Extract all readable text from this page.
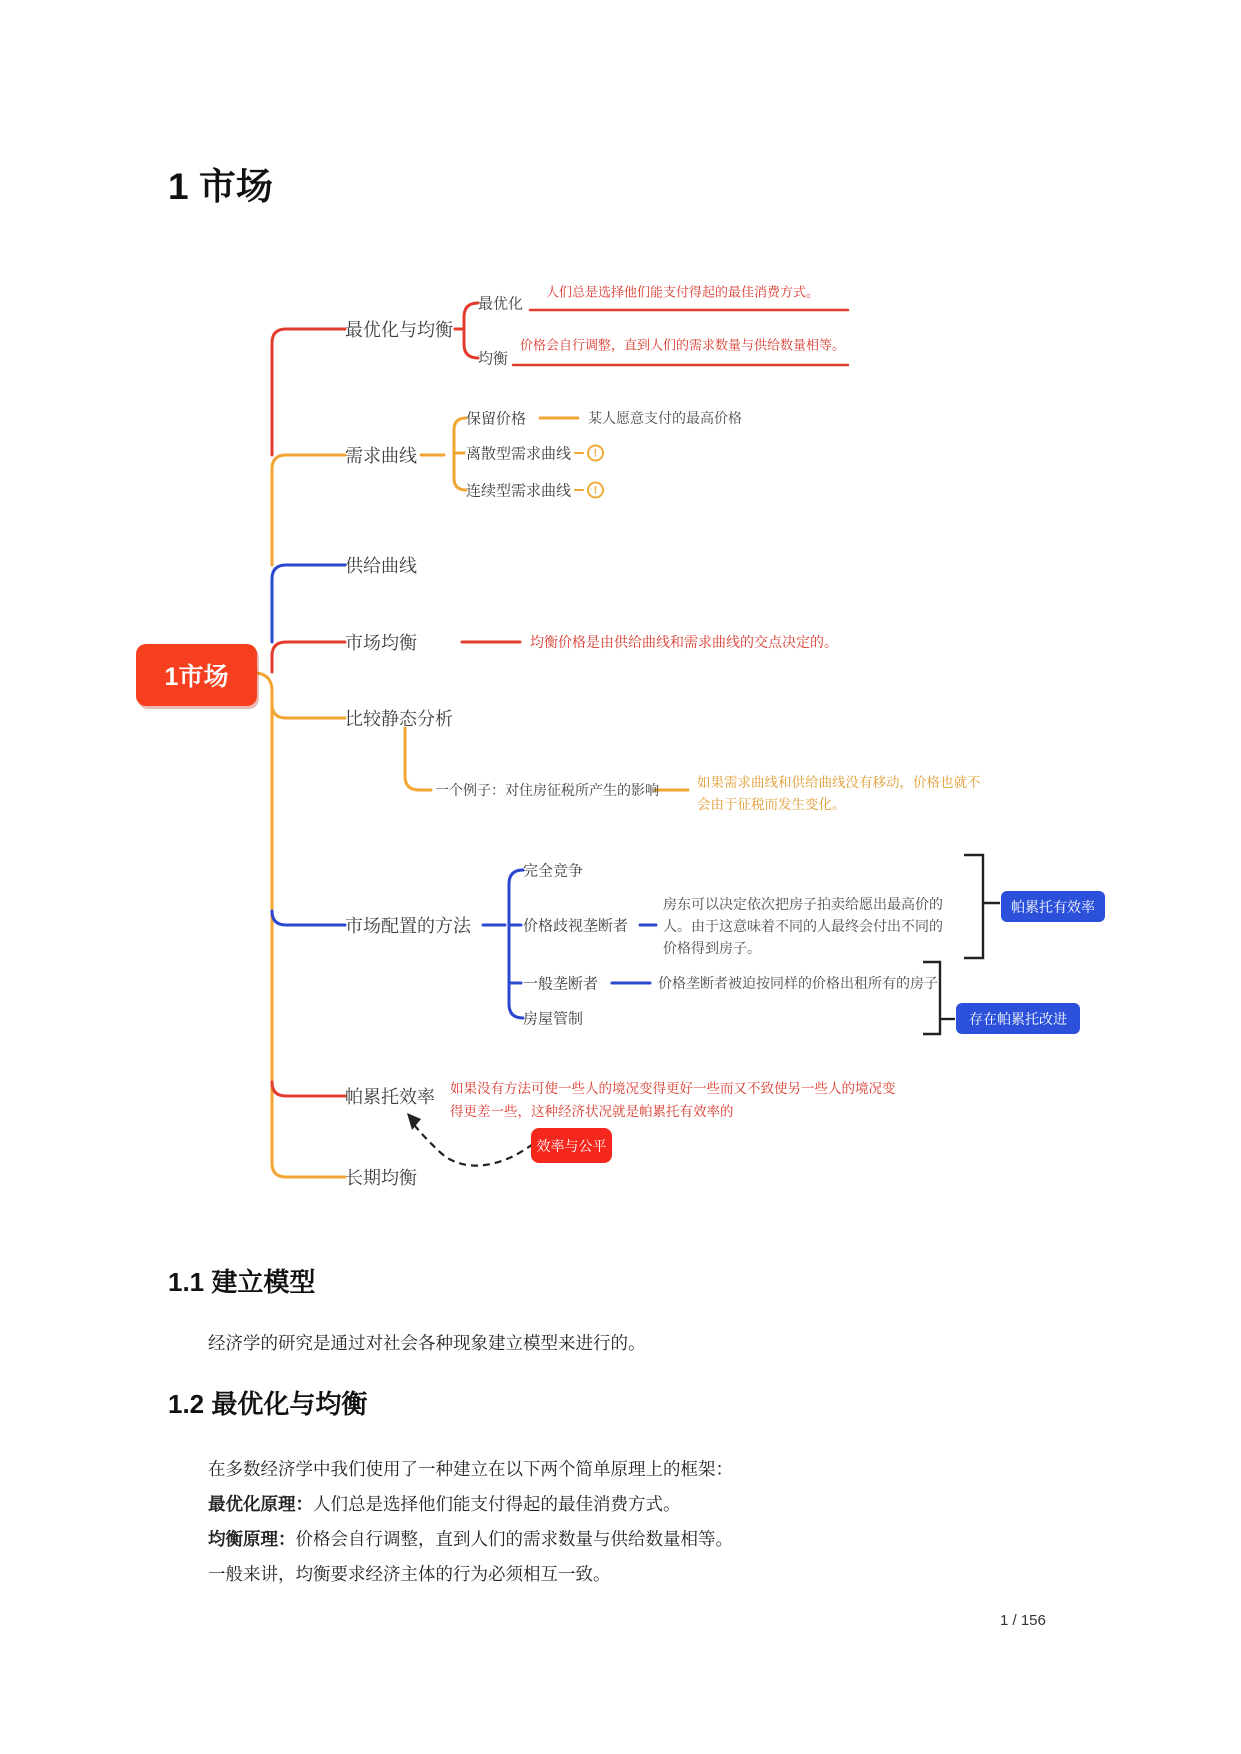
1 市场
1市场
最优化与均衡
需求曲线
供给曲线
市场均衡
比较静态分析
市场配置的方法
帕累托效率
长期均衡
最优化
人们总是选择他们能支付得起的最佳消费方式。
均衡
价格会自行调整，直到人们的需求数量与供给数量相等。
保留价格	某人愿意支付的最高价格
离散型需求曲线	!
连续型需求曲线	!
均衡价格是由供给曲线和需求曲线的交点决定的。
一个例子：对住房征税所产生的影响	如果需求曲线和供给曲线没有移动，价格也就不会由于征税而发生变化。
完全竞争
价格歧视垄断者
房东可以决定依次把房子拍卖给愿出最高价的人。由于这意味着不同的人最终会付出不同的价格得到房子。
一般垄断者	价格垄断者被迫按同样的价格出租所有的房子
房屋管制
帕累托有效率
存在帕累托改进
如果没有方法可使一些人的境况变得更好一些而又不致使另一些人的境况变得更差一些，这种经济状况就是帕累托有效率的
效率与公平
1.1 建立模型
经济学的研究是通过对社会各种现象建立模型来进行的。
1.2 最优化与均衡
在多数经济学中我们使用了一种建立在以下两个简单原理上的框架：
最优化原理：人们总是选择他们能支付得起的最佳消费方式。
均衡原理：价格会自行调整，直到人们的需求数量与供给数量相等。
一般来讲，均衡要求经济主体的行为必须相互一致。
1 / 156
